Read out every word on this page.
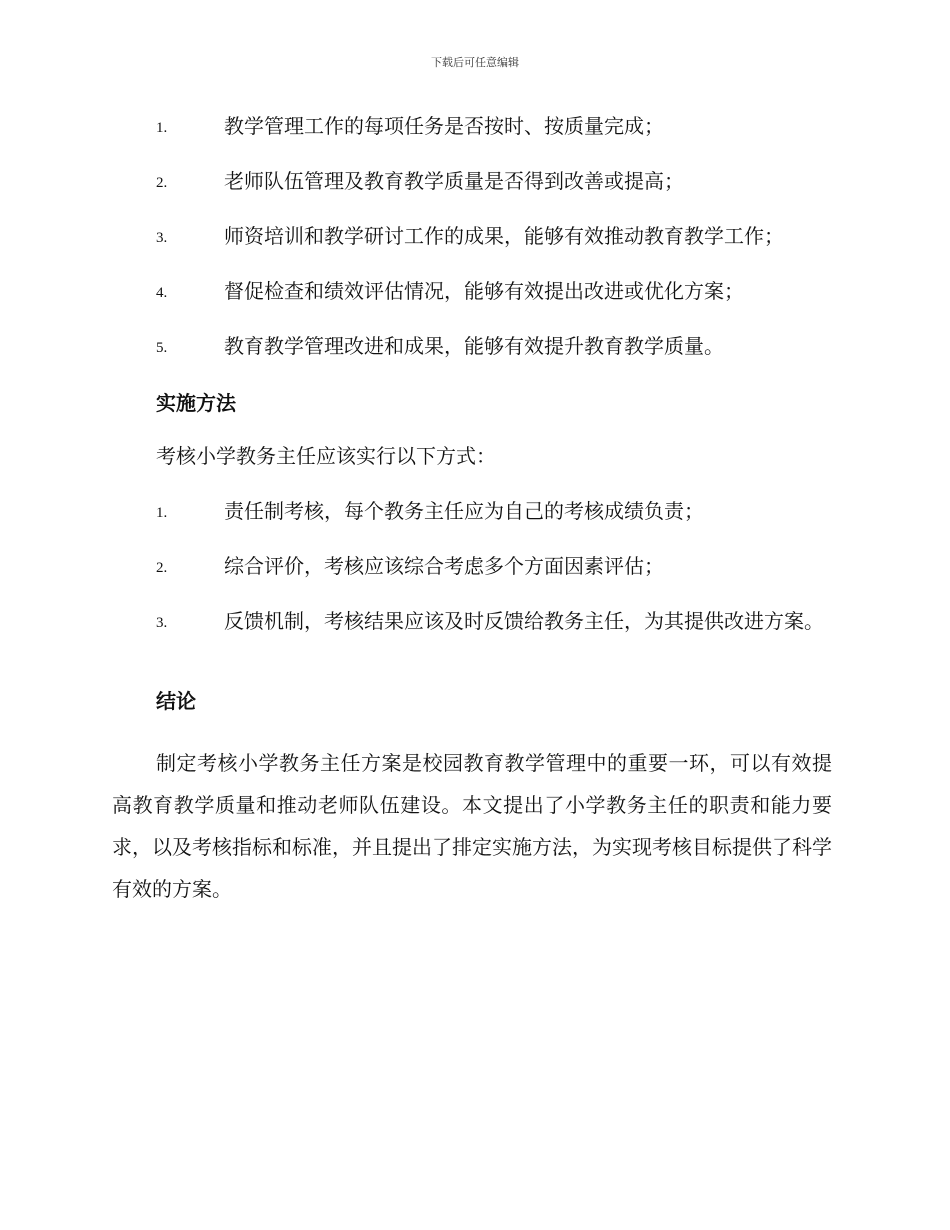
下载后可任意编辑
1.	教学管理工作的每项任务是否按时、按质量完成；
2.	老师队伍管理及教育教学质量是否得到改善或提高；
3.	师资培训和教学研讨工作的成果，能够有效推动教育教学工作；
4.	督促检查和绩效评估情况，能够有效提出改进或优化方案；
5.	教育教学管理改进和成果，能够有效提升教育教学质量。
实施方法
考核小学教务主任应该实行以下方式：
1.	责任制考核，每个教务主任应为自己的考核成绩负责；
2.	综合评价，考核应该综合考虑多个方面因素评估；
3.	反馈机制，考核结果应该及时反馈给教务主任，为其提供改进方案。
结论
制定考核小学教务主任方案是校园教育教学管理中的重要一环，可以有效提高教育教学质量和推动老师队伍建设。本文提出了小学教务主任的职责和能力要求，以及考核指标和标准，并且提出了排定实施方法，为实现考核目标提供了科学有效的方案。
